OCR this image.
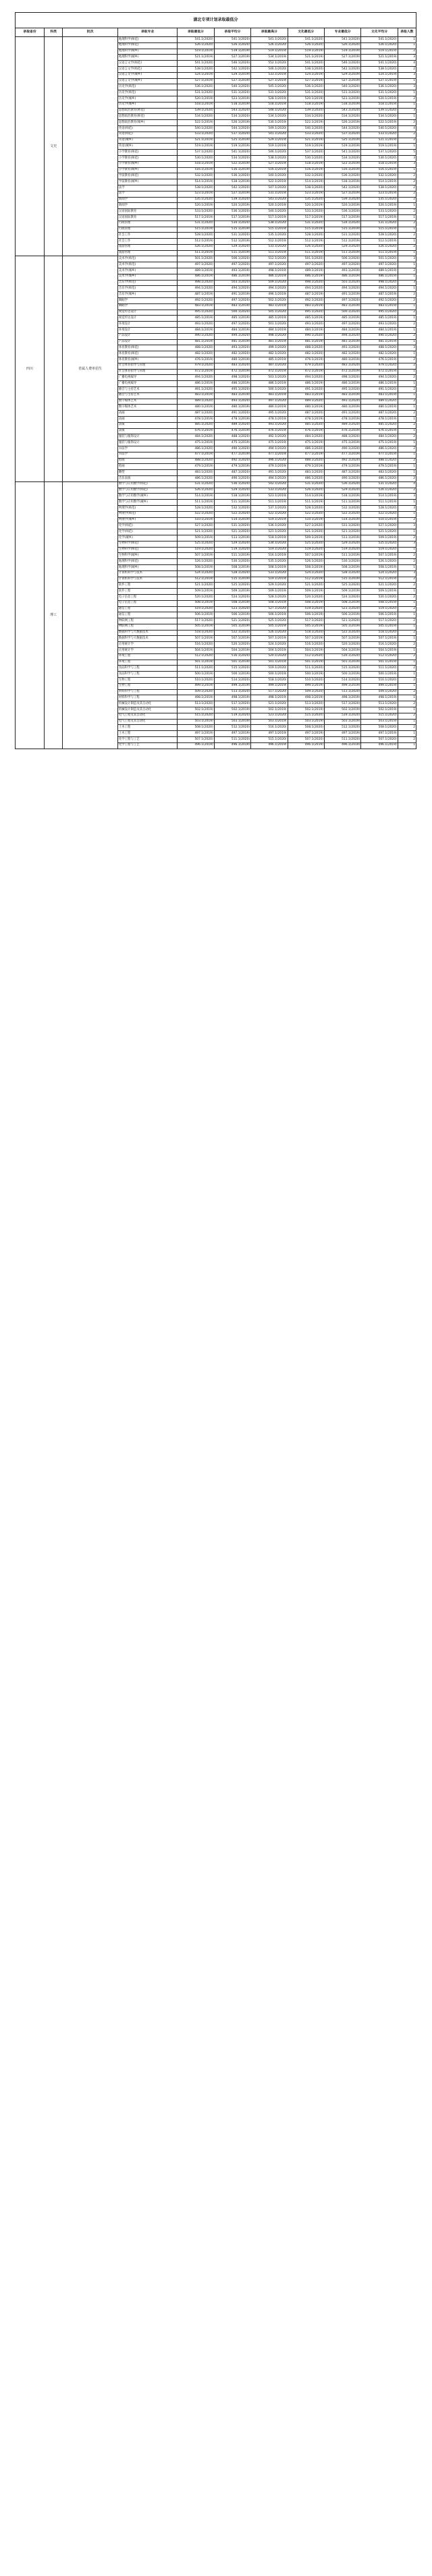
湖北专项计划录取最低分
录取省份	科类	批次	录取专业	录取最低分	录取平均分	录取最高分	文化最低分	专业最低分	文化平均分	录取人数
	文史		地理科学(师范)	541.1(2020)	541.1(2020)	541.1(2020)	541.1(2020)	541.1(2020)	541.1(2020)	1
			地理科学(师范)	526.1(2020)	526.1(2020)	526.1(2020)	526.1(2020)	526.1(2020)	526.1(2020)	1
			地理科学(城乡)	519.1(2019)	519.1(2019)	519.1(2019)	519.1(2019)	519.1(2019)	519.1(2019)	2
			地理科学(城乡)	521.1(2019)	527.1(2019)	534.1(2019)	521.1(2019)	527.1(2019)	521.1(2019)	3
			汉语言文学(师范)	541.1(2020)	546.1(2020)	552.1(2020)	541.1(2020)	546.1(2020)	541.1(2020)	4
			汉语言文学(师范)	538.1(2020)	542.1(2020)	546.1(2020)	538.1(2020)	542.1(2020)	538.1(2020)	2
			汉语言文学(城乡)	524.1(2019)	529.1(2019)	533.1(2019)	524.1(2019)	529.1(2019)	524.1(2019)	3
			汉语言文学(城乡)	527.1(2019)	527.1(2019)	527.1(2019)	527.1(2019)	527.1(2019)	527.1(2019)	1
			历史学(师范)	536.1(2020)	540.1(2020)	545.1(2020)	536.1(2020)	540.1(2020)	536.1(2020)	3
			历史学(师范)	531.1(2020)	531.1(2020)	531.1(2020)	531.1(2020)	531.1(2020)	531.1(2020)	1
			历史学(城乡)	520.1(2019)	523.1(2019)	528.1(2019)	520.1(2019)	523.1(2019)	520.1(2019)	2
			历史学(城乡)	518.1(2019)	518.1(2019)	518.1(2019)	518.1(2019)	518.1(2019)	518.1(2019)	1
			思想政治教育(师范)	539.1(2020)	543.1(2020)	548.1(2020)	539.1(2020)	543.1(2020)	539.1(2020)	3
			思想政治教育(师范)	534.1(2020)	534.1(2020)	534.1(2020)	534.1(2020)	534.1(2020)	534.1(2020)	1
			思想政治教育(城乡)	522.1(2019)	526.1(2019)	530.1(2019)	522.1(2019)	526.1(2019)	522.1(2019)	2
			英语(师范)	540.1(2020)	544.1(2020)	549.1(2020)	540.1(2020)	544.1(2020)	540.1(2020)	4
			英语(师范)	533.1(2020)	537.1(2020)	541.1(2020)	533.1(2020)	537.1(2020)	533.1(2020)	2
			英语(城乡)	521.1(2019)	525.1(2019)	529.1(2019)	521.1(2019)	525.1(2019)	521.1(2019)	2
			英语(城乡)	519.1(2019)	519.1(2019)	519.1(2019)	519.1(2019)	519.1(2019)	519.1(2019)	1
			小学教育(师范)	537.1(2020)	541.1(2020)	546.1(2020)	537.1(2020)	541.1(2020)	537.1(2020)	5
			小学教育(师范)	530.1(2020)	534.1(2020)	538.1(2020)	530.1(2020)	534.1(2020)	530.1(2020)	3
			小学教育(城乡)	518.1(2019)	522.1(2019)	527.1(2019)	518.1(2019)	522.1(2019)	518.1(2019)	3
			小学教育(城乡)	516.1(2019)	516.1(2019)	516.1(2019)	516.1(2019)	516.1(2019)	516.1(2019)	1
			学前教育(师范)	532.1(2020)	536.1(2020)	540.1(2020)	532.1(2020)	536.1(2020)	532.1(2020)	2
			学前教育(城乡)	514.1(2019)	518.1(2019)	522.1(2019)	514.1(2019)	518.1(2019)	514.1(2019)	2
			法学	538.1(2020)	542.1(2020)	547.1(2020)	538.1(2020)	542.1(2020)	538.1(2020)	2
			法学	523.1(2019)	527.1(2019)	531.1(2019)	523.1(2019)	527.1(2019)	523.1(2019)	2
			新闻学	535.1(2020)	539.1(2020)	543.1(2020)	535.1(2020)	539.1(2020)	535.1(2020)	2
			新闻学	520.1(2019)	520.1(2019)	520.1(2019)	520.1(2019)	520.1(2019)	520.1(2019)	1
			汉语国际教育	533.1(2020)	536.1(2020)	540.1(2020)	533.1(2020)	536.1(2020)	533.1(2020)	2
			汉语国际教育	517.1(2019)	517.1(2019)	517.1(2019)	517.1(2019)	517.1(2019)	517.1(2019)	1
			行政管理	531.1(2020)	534.1(2020)	538.1(2020)	531.1(2020)	534.1(2020)	531.1(2020)	2
			行政管理	515.1(2019)	515.1(2019)	515.1(2019)	515.1(2019)	515.1(2019)	515.1(2019)	1
			社会工作	528.1(2020)	531.1(2020)	535.1(2020)	528.1(2020)	531.1(2020)	528.1(2020)	2
			社会工作	512.1(2019)	512.1(2019)	512.1(2019)	512.1(2019)	512.1(2019)	512.1(2019)	1
			旅游管理	526.1(2020)	529.1(2020)	533.1(2020)	526.1(2020)	529.1(2020)	526.1(2020)	2
			旅游管理	511.1(2019)	511.1(2019)	511.1(2019)	511.1(2019)	511.1(2019)	511.1(2019)	1
四川		省属人费单招生	美术学(师范)	501.1(2020)	506.1(2020)	512.1(2020)	501.1(2020)	506.1(2020)	501.1(2020)	3
			美术学(师范)	497.1(2020)	497.1(2020)	497.1(2020)	497.1(2020)	497.1(2020)	497.1(2020)	1
			美术学(城乡)	489.1(2019)	493.1(2019)	498.1(2019)	489.1(2019)	493.1(2019)	489.1(2019)	2
			美术学(城乡)	486.1(2019)	486.1(2019)	486.1(2019)	486.1(2019)	486.1(2019)	486.1(2019)	1
			音乐学(师范)	498.1(2020)	503.1(2020)	509.1(2020)	498.1(2020)	503.1(2020)	498.1(2020)	3
			音乐学(师范)	494.1(2020)	494.1(2020)	494.1(2020)	494.1(2020)	494.1(2020)	494.1(2020)	1
			音乐学(城乡)	487.1(2019)	491.1(2019)	496.1(2019)	487.1(2019)	491.1(2019)	487.1(2019)	2
			舞蹈学	492.1(2020)	497.1(2020)	502.1(2020)	492.1(2020)	497.1(2020)	492.1(2020)	2
			舞蹈学	483.1(2019)	483.1(2019)	483.1(2019)	483.1(2019)	483.1(2019)	483.1(2019)	1
			视觉传达设计	495.1(2020)	500.1(2020)	505.1(2020)	495.1(2020)	500.1(2020)	495.1(2020)	2
			视觉传达设计	485.1(2019)	485.1(2019)	485.1(2019)	485.1(2019)	485.1(2019)	485.1(2019)	1
			环境设计	493.1(2020)	497.1(2020)	501.1(2020)	493.1(2020)	497.1(2020)	493.1(2020)	2
			环境设计	484.1(2019)	484.1(2019)	484.1(2019)	484.1(2019)	484.1(2019)	484.1(2019)	1
			产品设计	490.1(2020)	494.1(2020)	498.1(2020)	490.1(2020)	494.1(2020)	490.1(2020)	2
			产品设计	481.1(2019)	481.1(2019)	481.1(2019)	481.1(2019)	481.1(2019)	481.1(2019)	1
			体育教育(师范)	488.1(2020)	493.1(2020)	499.1(2020)	488.1(2020)	493.1(2020)	488.1(2020)	3
			体育教育(师范)	482.1(2020)	482.1(2020)	482.1(2020)	482.1(2020)	482.1(2020)	482.1(2020)	1
			体育教育(城乡)	476.1(2019)	480.1(2019)	485.1(2019)	476.1(2019)	480.1(2019)	476.1(2019)	2
			社会体育指导与管理	479.1(2020)	483.1(2020)	487.1(2020)	479.1(2020)	483.1(2020)	479.1(2020)	2
			社会体育指导与管理	472.1(2019)	472.1(2019)	472.1(2019)	472.1(2019)	472.1(2019)	472.1(2019)	1
			广播电视编导	494.1(2020)	498.1(2020)	503.1(2020)	494.1(2020)	498.1(2020)	494.1(2020)	2
			广播电视编导	486.1(2019)	486.1(2019)	486.1(2019)	486.1(2019)	486.1(2019)	486.1(2019)	1
			播音与主持艺术	491.1(2020)	495.1(2020)	500.1(2020)	491.1(2020)	495.1(2020)	491.1(2020)	2
			播音与主持艺术	483.1(2019)	483.1(2019)	483.1(2019)	483.1(2019)	483.1(2019)	483.1(2019)	1
			数字媒体艺术	489.1(2020)	493.1(2020)	497.1(2020)	489.1(2020)	493.1(2020)	489.1(2020)	2
			数字媒体艺术	480.1(2019)	480.1(2019)	480.1(2019)	480.1(2019)	480.1(2019)	480.1(2019)	1
			动画	487.1(2020)	491.1(2020)	495.1(2020)	487.1(2020)	491.1(2020)	487.1(2020)	2
			动画	478.1(2019)	478.1(2019)	478.1(2019)	478.1(2019)	478.1(2019)	478.1(2019)	1
			表演	485.1(2020)	489.1(2020)	493.1(2020)	485.1(2020)	489.1(2020)	485.1(2020)	2
			表演	476.1(2019)	476.1(2019)	476.1(2019)	476.1(2019)	476.1(2019)	476.1(2019)	1
			服装与服饰设计	484.1(2020)	488.1(2020)	492.1(2020)	484.1(2020)	488.1(2020)	484.1(2020)	2
			服装与服饰设计	475.1(2019)	475.1(2019)	475.1(2019)	475.1(2019)	475.1(2019)	475.1(2019)	1
			书法学	486.1(2020)	490.1(2020)	494.1(2020)	486.1(2020)	490.1(2020)	486.1(2020)	2
			书法学	477.1(2019)	477.1(2019)	477.1(2019)	477.1(2019)	477.1(2019)	477.1(2019)	1
			绘画	488.1(2020)	492.1(2020)	496.1(2020)	488.1(2020)	492.1(2020)	488.1(2020)	2
			绘画	479.1(2019)	479.1(2019)	479.1(2019)	479.1(2019)	479.1(2019)	479.1(2019)	1
			雕塑	483.1(2020)	487.1(2020)	491.1(2020)	483.1(2020)	487.1(2020)	483.1(2020)	1
			音乐表演	486.1(2020)	490.1(2020)	494.1(2020)	486.1(2020)	490.1(2020)	486.1(2020)	2
	理工		数学与应用数学(师范)	531.1(2020)	536.1(2020)	542.1(2020)	531.1(2020)	536.1(2020)	531.1(2020)	4
			数学与应用数学(师范)	526.1(2020)	529.1(2020)	533.1(2020)	526.1(2020)	529.1(2020)	526.1(2020)	2
			数学与应用数学(城乡)	514.1(2019)	518.1(2019)	523.1(2019)	514.1(2019)	518.1(2019)	514.1(2019)	3
			数学与应用数学(城乡)	511.1(2019)	511.1(2019)	511.1(2019)	511.1(2019)	511.1(2019)	511.1(2019)	1
			物理学(师范)	528.1(2020)	532.1(2020)	537.1(2020)	528.1(2020)	532.1(2020)	528.1(2020)	3
			物理学(师范)	522.1(2020)	522.1(2020)	522.1(2020)	522.1(2020)	522.1(2020)	522.1(2020)	1
			物理学(城乡)	510.1(2019)	514.1(2019)	519.1(2019)	510.1(2019)	514.1(2019)	510.1(2019)	2
			化学(师范)	527.1(2020)	531.1(2020)	536.1(2020)	527.1(2020)	531.1(2020)	527.1(2020)	3
			化学(师范)	521.1(2020)	521.1(2020)	521.1(2020)	521.1(2020)	521.1(2020)	521.1(2020)	1
			化学(城乡)	509.1(2019)	513.1(2019)	518.1(2019)	509.1(2019)	513.1(2019)	509.1(2019)	2
			生物科学(师范)	525.1(2020)	529.1(2020)	534.1(2020)	525.1(2020)	529.1(2020)	525.1(2020)	3
			生物科学(师范)	519.1(2020)	519.1(2020)	519.1(2020)	519.1(2020)	519.1(2020)	519.1(2020)	1
			生物科学(城乡)	507.1(2019)	511.1(2019)	516.1(2019)	507.1(2019)	511.1(2019)	507.1(2019)	2
			地理科学(师范)	526.1(2020)	530.1(2020)	535.1(2020)	526.1(2020)	530.1(2020)	526.1(2020)	2
			地理科学(城乡)	508.1(2019)	508.1(2019)	508.1(2019)	508.1(2019)	508.1(2019)	508.1(2019)	1
			计算机科学与技术	524.1(2020)	528.1(2020)	533.1(2020)	524.1(2020)	528.1(2020)	524.1(2020)	3
			计算机科学与技术	512.1(2019)	515.1(2019)	519.1(2019)	512.1(2019)	515.1(2019)	512.1(2019)	2
			软件工程	521.1(2020)	525.1(2020)	529.1(2020)	521.1(2020)	525.1(2020)	521.1(2020)	2
			软件工程	509.1(2019)	509.1(2019)	509.1(2019)	509.1(2019)	509.1(2019)	509.1(2019)	1
			电子信息工程	520.1(2020)	524.1(2020)	528.1(2020)	520.1(2020)	524.1(2020)	520.1(2020)	2
			电子信息工程	508.1(2019)	508.1(2019)	508.1(2019)	508.1(2019)	508.1(2019)	508.1(2019)	1
			通信工程	519.1(2020)	523.1(2020)	527.1(2020)	519.1(2020)	523.1(2020)	519.1(2020)	2
			通信工程	506.1(2019)	506.1(2019)	506.1(2019)	506.1(2019)	506.1(2019)	506.1(2019)	1
			物联网工程	517.1(2020)	521.1(2020)	525.1(2020)	517.1(2020)	521.1(2020)	517.1(2020)	2
			物联网工程	505.1(2019)	505.1(2019)	505.1(2019)	505.1(2019)	505.1(2019)	505.1(2019)	1
			数据科学与大数据技术	518.1(2020)	522.1(2020)	526.1(2020)	518.1(2020)	522.1(2020)	518.1(2020)	2
			数据科学与大数据技术	507.1(2019)	507.1(2019)	507.1(2019)	507.1(2019)	507.1(2019)	507.1(2019)	1
			应用统计学	516.1(2020)	520.1(2020)	524.1(2020)	516.1(2020)	520.1(2020)	516.1(2020)	2
			应用统计学	504.1(2019)	504.1(2019)	504.1(2019)	504.1(2019)	504.1(2019)	504.1(2019)	1
			环境工程	512.1(2020)	516.1(2020)	520.1(2020)	512.1(2020)	516.1(2020)	512.1(2020)	2
			环境工程	501.1(2019)	501.1(2019)	501.1(2019)	501.1(2019)	501.1(2019)	501.1(2019)	1
			食品科学与工程	511.1(2020)	515.1(2020)	519.1(2020)	511.1(2020)	515.1(2020)	511.1(2020)	2
			食品科学与工程	500.1(2019)	500.1(2019)	500.1(2019)	500.1(2019)	500.1(2019)	500.1(2019)	1
			生物工程	510.1(2020)	514.1(2020)	518.1(2020)	510.1(2020)	514.1(2020)	510.1(2020)	2
			生物工程	499.1(2019)	499.1(2019)	499.1(2019)	499.1(2019)	499.1(2019)	499.1(2019)	1
			材料科学与工程	509.1(2020)	513.1(2020)	517.1(2020)	509.1(2020)	513.1(2020)	509.1(2020)	2
			材料科学与工程	498.1(2019)	498.1(2019)	498.1(2019)	498.1(2019)	498.1(2019)	498.1(2019)	1
			机械设计制造及其自动化	513.1(2020)	517.1(2020)	521.1(2020)	513.1(2020)	517.1(2020)	513.1(2020)	2
			机械设计制造及其自动化	502.1(2019)	502.1(2019)	502.1(2019)	502.1(2019)	502.1(2019)	502.1(2019)	1
			电气工程及其自动化	515.1(2020)	519.1(2020)	523.1(2020)	515.1(2020)	519.1(2020)	515.1(2020)	2
			电气工程及其自动化	503.1(2019)	503.1(2019)	503.1(2019)	503.1(2019)	503.1(2019)	503.1(2019)	1
			土木工程	508.1(2020)	512.1(2020)	516.1(2020)	508.1(2020)	512.1(2020)	508.1(2020)	2
			土木工程	497.1(2019)	497.1(2019)	497.1(2019)	497.1(2019)	497.1(2019)	497.1(2019)	1
			化学工程与工艺	507.1(2020)	511.1(2020)	515.1(2020)	507.1(2020)	511.1(2020)	507.1(2020)	2
			化学工程与工艺	496.1(2019)	496.1(2019)	496.1(2019)	496.1(2019)	496.1(2019)	496.1(2019)	1
